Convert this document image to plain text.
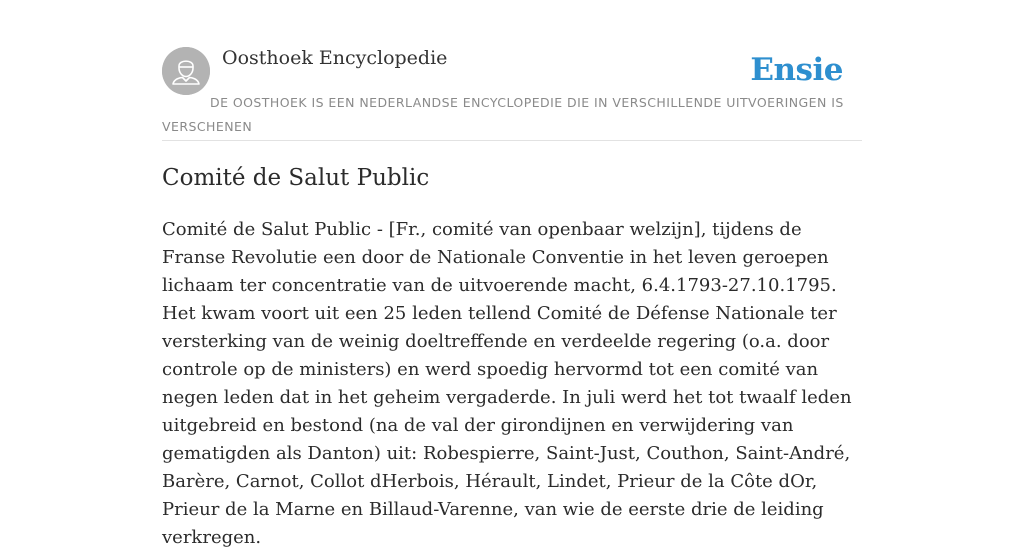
Oosthoek Encyclopedie	Ensie
DE OOSTHOEK IS EEN NEDERLANDSE ENCYCLOPEDIE DIE IN VERSCHILLENDE UITVOERINGEN IS VERSCHENEN
Comité de Salut Public

Comité de Salut Public - [Fr., comité van openbaar welzijn], tijdens de Franse Revolutie een door de Nationale Conventie in het leven geroepen lichaam ter concentratie van de uitvoerende macht, 6.4.1793-27.10.1795. Het kwam voort uit een 25 leden tellend Comité de Défense Nationale ter versterking van de weinig doeltreffende en verdeelde regering (o.a. door controle op de ministers) en werd spoedig hervormd tot een comité van negen leden dat in het geheim vergaderde. In juli werd het tot twaalf leden uitgebreid en bestond (na de val der girondijnen en verwijdering van gematigden als Danton) uit: Robespierre, Saint-Just, Couthon, Saint-André, Barère, Carnot, Collot dHerbois, Hérault, Lindet, Prieur de la Côte dOr, Prieur de la Marne en Billaud-Varenne, van wie de eerste drie de leiding verkregen.
